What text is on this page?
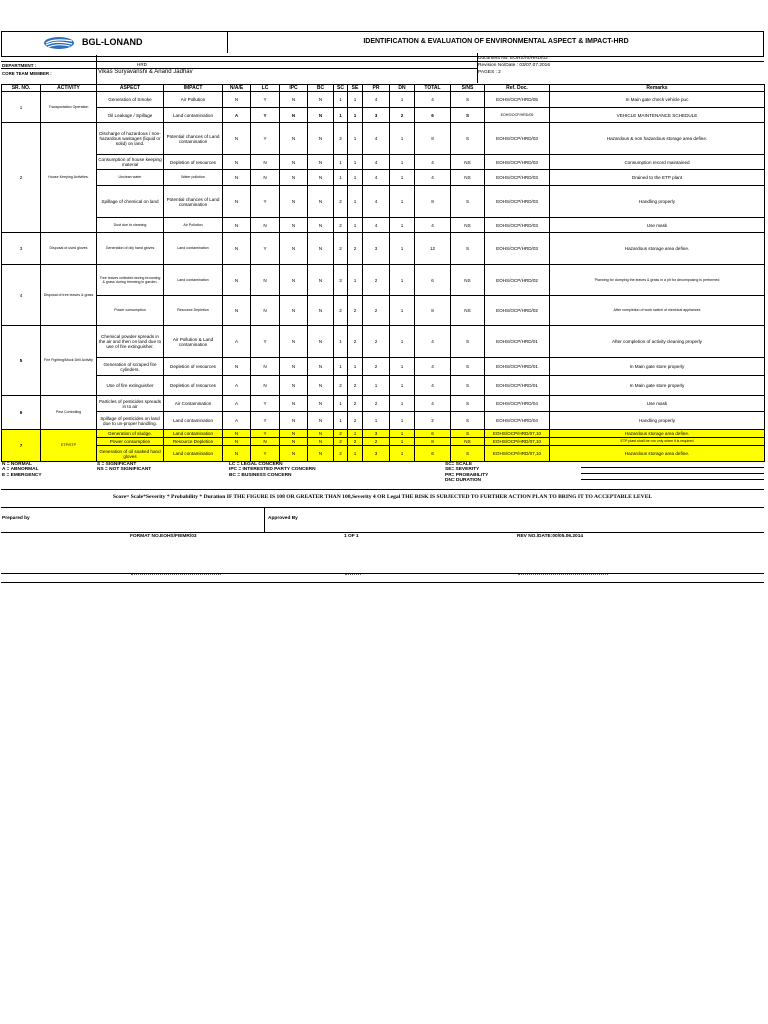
BGL-LONAND	IDENTIFICATION & EVALUATION OF ENVIRONMENTAL ASPECT & IMPACT-HRD
Document No. EOHS/AI/HRD/02
Revision No/Date : 03/07.07.2016
PAGES : 2
DEPARTMENT :	HRD
CORE TEAM MEMBER :	Vikas Suryavanshi & Anand Jadhav
SR. NO.	ACTIVITY	ASPECT	IMPACT	N/A/E	LC	IPC	BC	SC	SE	PR	DN	TOTAL	S/NS	Ref. Doc.	Remarks
1	Transportation Operation	Generation of Smoke	Air Pollution	N	Y	N	N	1	1	4	1	4	S	EOHS/OCP/HRD/05	In Main gate check vehicle puc
		Oil Leakage / Spillage	Land contamination	A	Y	N	N	1	1	3	2	6	S	EOHS/OCP/HRD/05	VEHICLE MAINTENANCE SCHEDULE
2	House Keeping Activities.	Discharge of hazardous / non-hazardous wastages (liquid or solid) on land.	Potential chances of Land contamination	N	Y	N	N	2	1	4	1	8	S	EOHS/OCP/HRD/03	Hazardous & non hazardous storage area define.
		Consumption of house keeping material	Depletion of resources	N	N	N	N	1	1	4	1	4	NS	EOHS/OCP/HRD/03	Consumption record maintained
		Unclean water	Water pollution	N	N	N	N	1	1	4	1	4	NS	EOHS/OCP/HRD/03	Drained to the ETP plant
		Spillage of chemical on land	Potential chances of Land contamination	N	Y	N	N	2	1	4	1	8	S	EOHS/OCP/HRD/03	Handling properly
		Dust due to cleaning	Air Pollution	N	N	N	N	2	1	4	1	4	NS	EOHS/OCP/HRD/03	Use mask
3	Disposal of used gloves	Generation of oily hand gloves	Land contamination	N	Y	N	N	2	2	3	1	12	S	EOHS/OCP/HRD/03	Hazardous storage area define.
4	Disposal of tree leaves & grass	Tree leaves collected during brooming & grass during trimming in garden.	Land contamination	N	N	N	N	3	1	2	1	6	NS	EOHS/OCP/HRD/02	Planning for dumping the leaves & grass in a pit for decomposing is performed
		Power consumption	Resource Depletion	N	N	N	N	2	2	2	1	8	NS	EOHS/OCP/HRD/02	After completion of work switch of electrical appliances
5	Fire Fighting/Mock Drill Activity	Chemical powder spreads in the air and then on land due to use of fire extinguisher.	Air Pollution & Land contamination	A	Y	N	N	1	2	2	1	4	S	EOHS/OCP/HRD/01	After completion of activity cleaning properly
		Generation of scraped fire cylinders.	Depletion of resources	N	N	N	N	1	1	2	1	4	S	EOHS/OCP/HRD/01	In Main gate store properly
		Use of fire extinguisher	Depletion of resources	A	N	N	N	2	2	1	1	4	S	EOHS/OCP/HRD/01	In Main gate store properly
6	Pest Controlling	Particles of pesticides spreads in to air	Air Contamination	A	Y	N	N	1	2	2	1	4	S	EOHS/OCP/HRD/04	Use mask
		Spillage of pesticides on land due to un-proper handling.	Land contamination	A	Y	N	N	1	2	1	1	2	S	EOHS/OCP/HRD/04	Handling properly
7	ETP/STP	Generation of sludge.	Land contamination	N	Y	N	N	2	1	3	1	6	S	EOHS/OCP/HRD/07,10	Hazardous storage area define.
		Power consumption	Resource Depletion	N	N	N	N	2	2	2	1	8	NS	EOHS/OCP/HRD/07,10	ETP plant shall be run only when it is required
		Generation of oil soaked hand gloves	Land contamination	N	Y	N	N	2	1	3	1	6	S	EOHS/OCP/HRD/07,10	Hazardous storage area define.
N = NORMAL
A = ABNORMAL
E = EMERGENCY
S = SIGNIFICANT
NS = NOT SIGNIFICANT
LC = LEGAL CONCERN
IPC = INTERESTED PARTY CONCERN
BC = BUSINESS CONCERN
SC= SCALE
SE= SEVERITY
PR= PROBABILITY
DN= DURATION
Score= Scale*Severity * Probability * Duration IF THE FIGURE IS 108 OR GREATER THAN 108,Severity 4 OR Legal THE RISK IS SUBJECTED TO FURTHER ACTION PLAN TO BRING IT TO ACCEPTABLE LEVEL
Prepared by	Approved By
FORMAT NO.EOHS/FIEMR/03	1 OF 1	REV NO./DATE:00/05.06.2014
